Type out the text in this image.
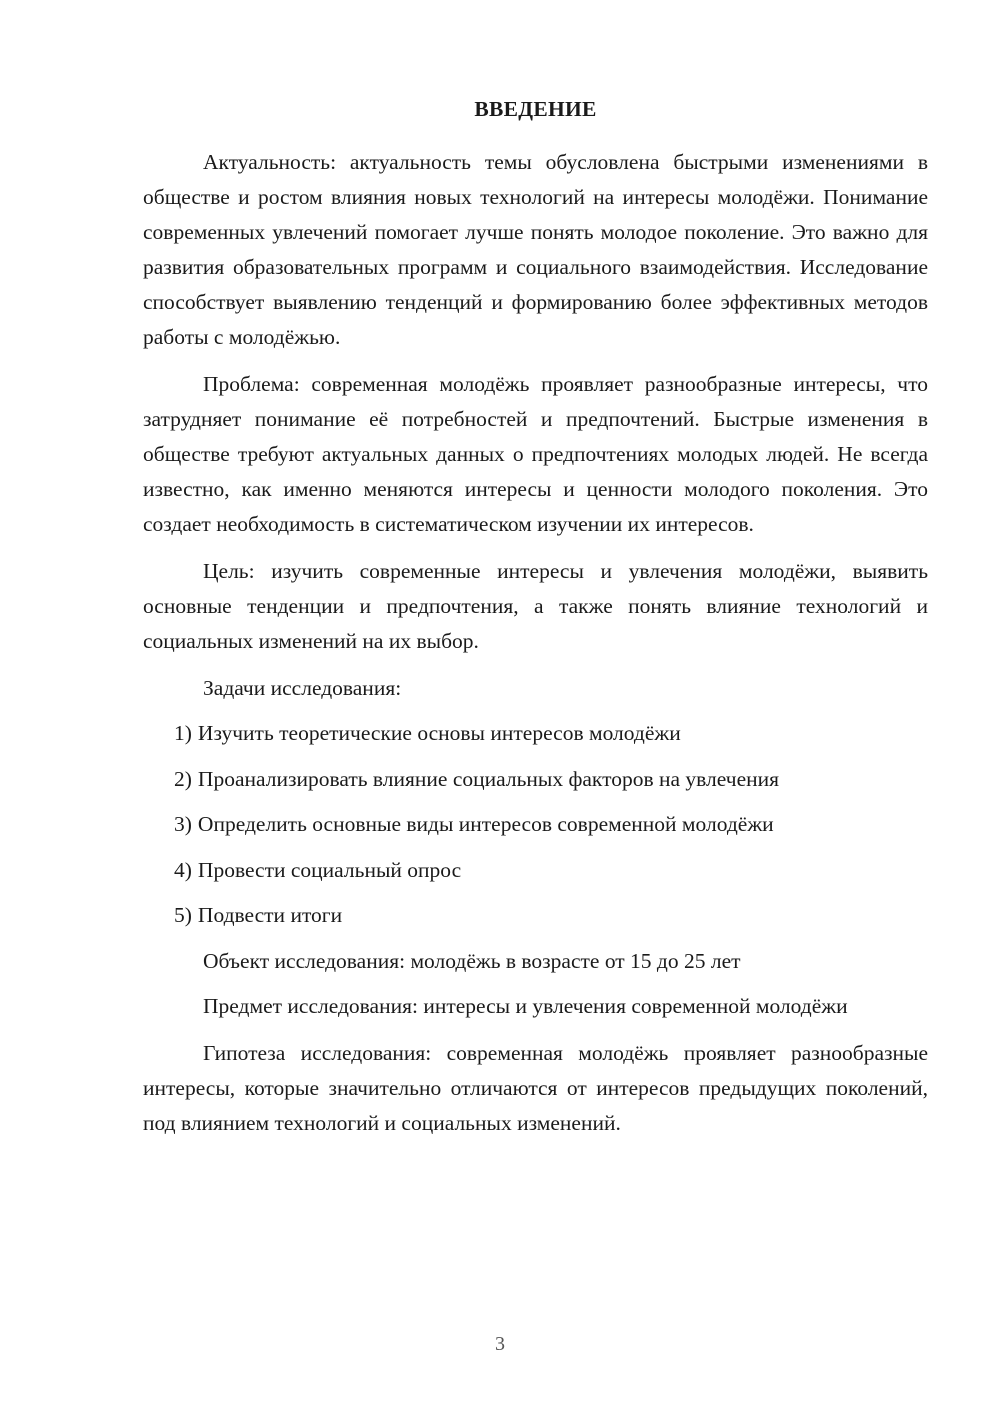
ВВЕДЕНИЕ

Актуальность: актуальность темы обусловлена быстрыми изменениями в обществе и ростом влияния новых технологий на интересы молодёжи. Понимание современных увлечений помогает лучше понять молодое поколение. Это важно для развития образовательных программ и социального взаимодействия. Исследование способствует выявлению тенденций и формированию более эффективных методов работы с молодёжью.

Проблема: современная молодёжь проявляет разнообразные интересы, что затрудняет понимание её потребностей и предпочтений. Быстрые изменения в обществе требуют актуальных данных о предпочтениях молодых людей. Не всегда известно, как именно меняются интересы и ценности молодого поколения. Это создает необходимость в систематическом изучении их интересов.

Цель: изучить современные интересы и увлечения молодёжи, выявить основные тенденции и предпочтения, а также понять влияние технологий и социальных изменений на их выбор.

Задачи исследования:

1) Изучить теоретические основы интересов молодёжи
2) Проанализировать влияние социальных факторов на увлечения
3) Определить основные виды интересов современной молодёжи
4) Провести социальный опрос
5) Подвести итоги

Объект исследования: молодёжь в возрасте от 15 до 25 лет

Предмет исследования: интересы и увлечения современной молодёжи

Гипотеза исследования: современная молодёжь проявляет разнообразные интересы, которые значительно отличаются от интересов предыдущих поколений, под влиянием технологий и социальных изменений.

3
